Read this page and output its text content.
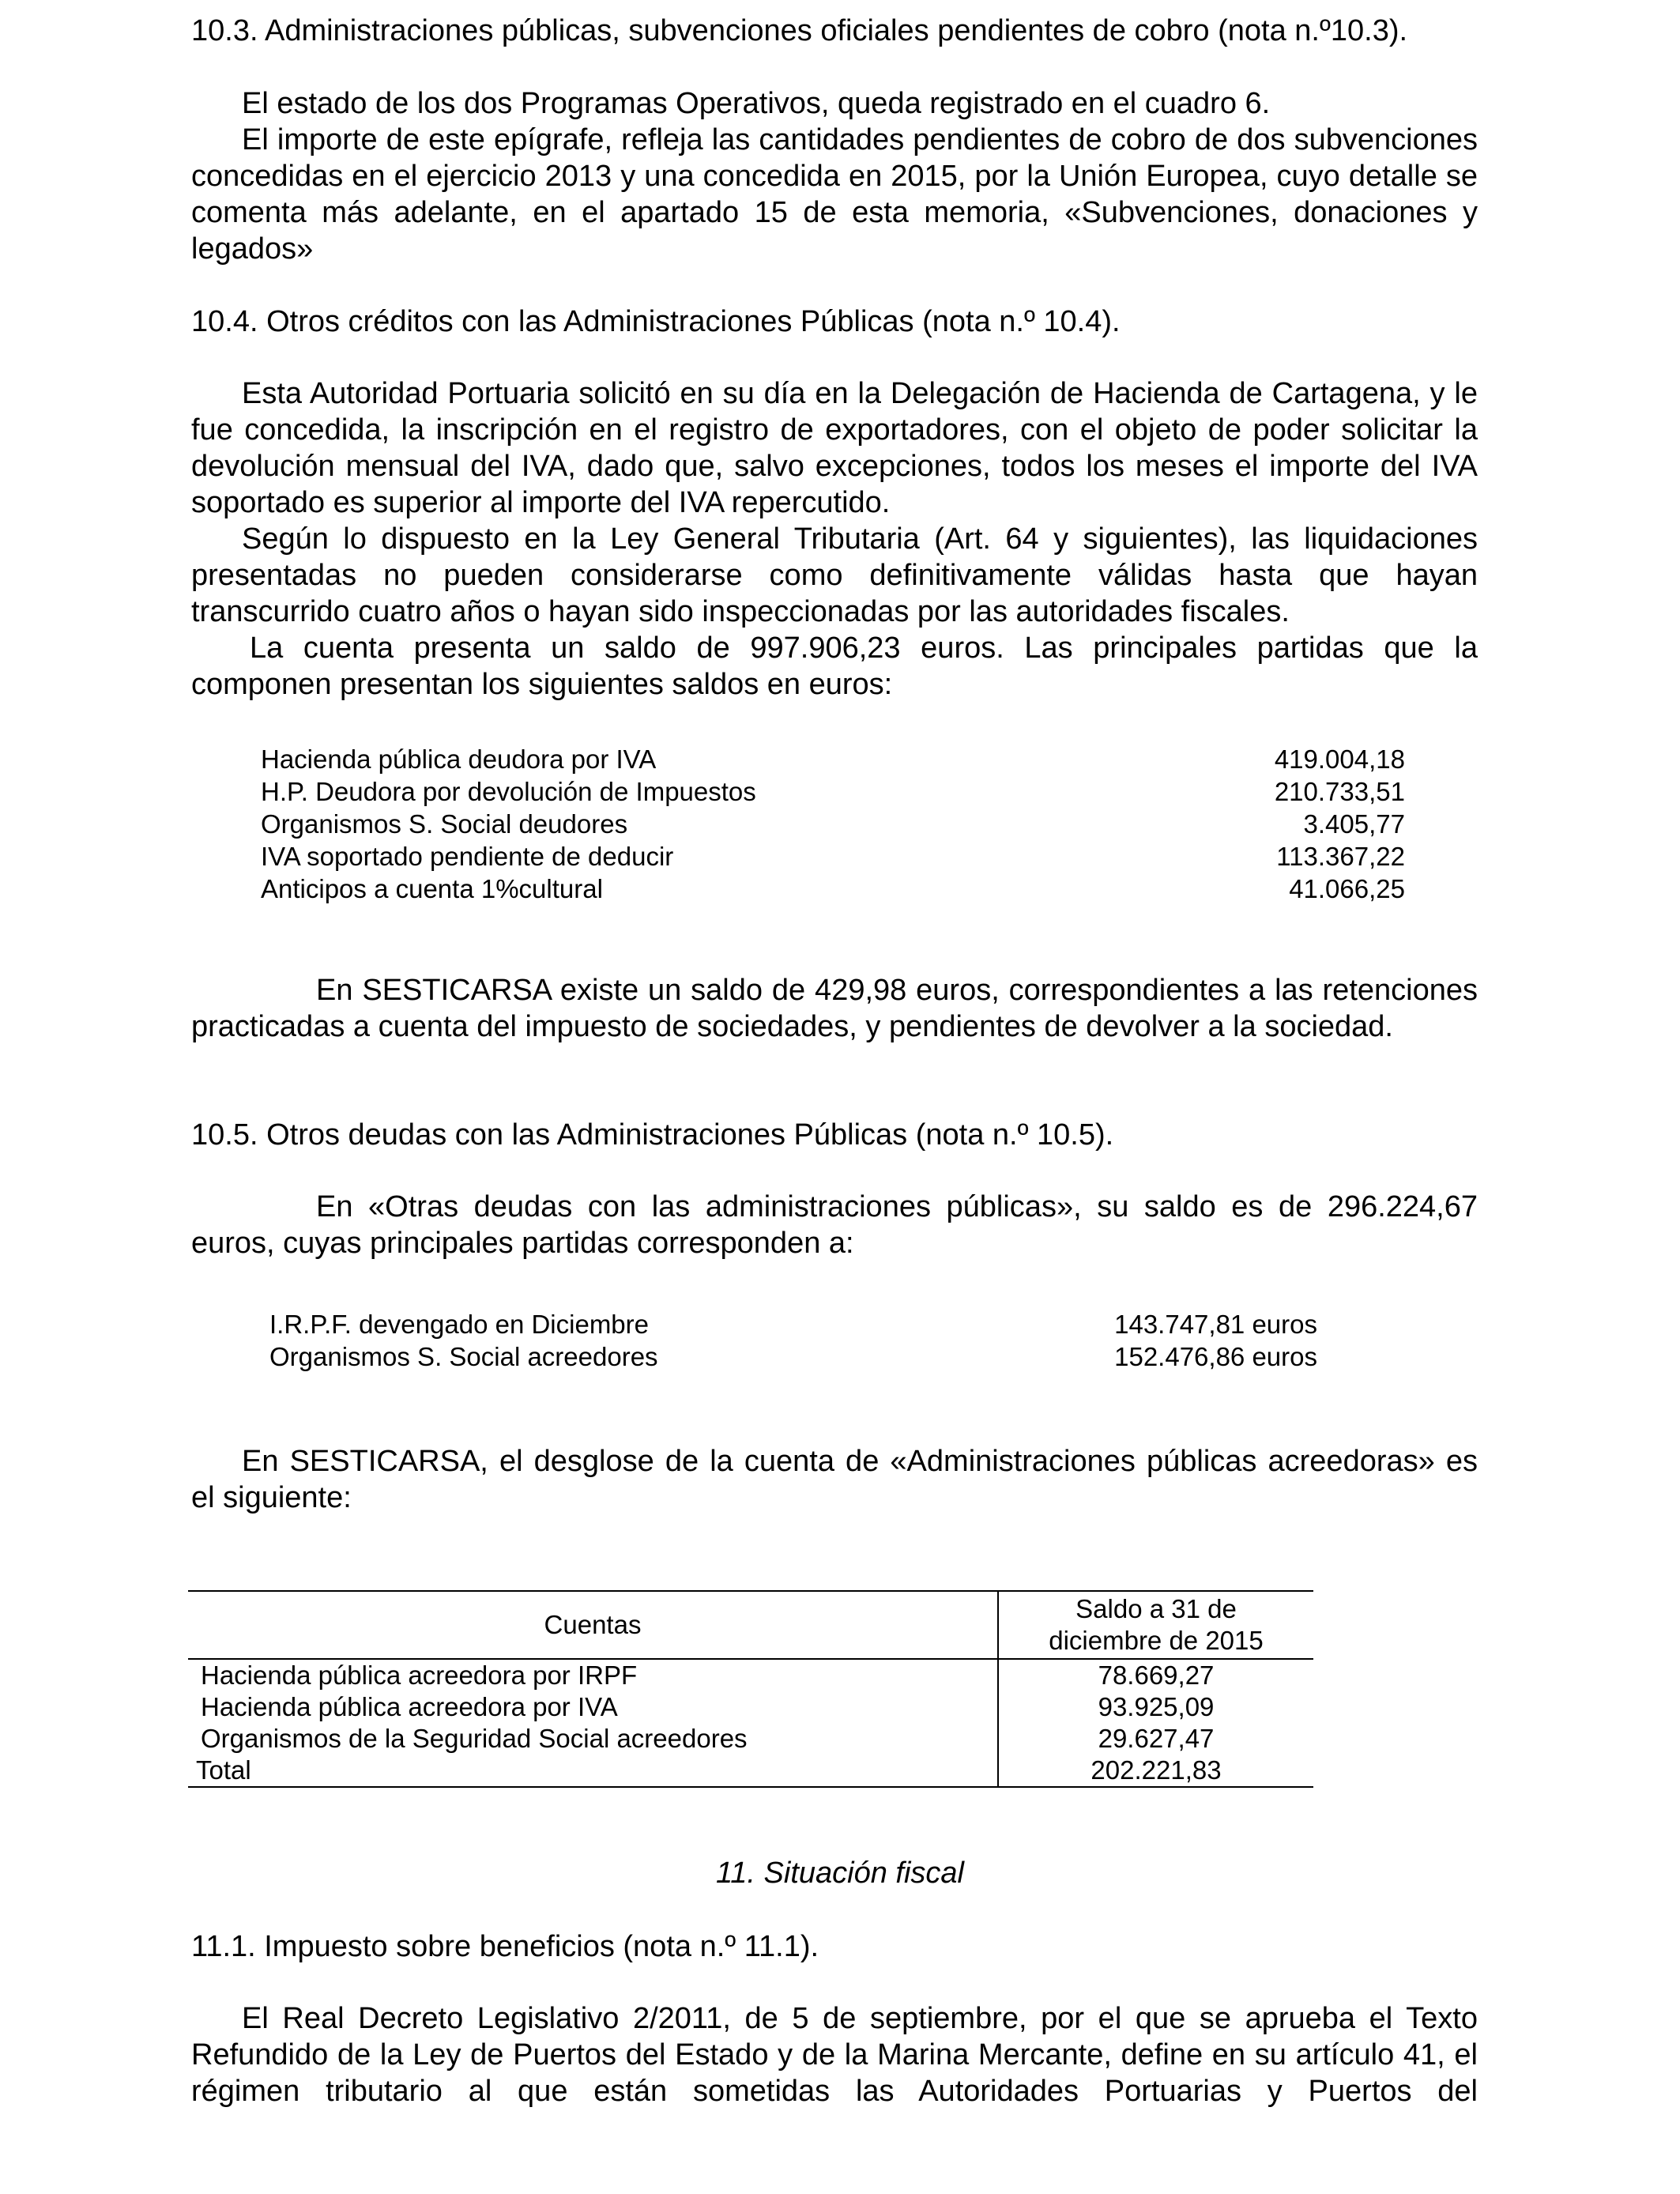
10.3. Administraciones públicas, subvenciones oficiales pendientes de cobro (nota n.º10.3).

El estado de los dos Programas Operativos, queda registrado en el cuadro 6.

El importe de este epígrafe, refleja las cantidades pendientes de cobro de dos subvenciones concedidas en el ejercicio 2013 y una concedida en 2015, por la Unión Europea, cuyo detalle se comenta más adelante, en el apartado 15 de esta memoria, «Subvenciones, donaciones y legados»

10.4. Otros créditos con las Administraciones Públicas (nota n.º 10.4).

Esta Autoridad Portuaria solicitó en su día en la Delegación de Hacienda de Cartagena, y le fue concedida, la inscripción en el registro de exportadores, con el objeto de poder solicitar la devolución mensual del IVA, dado que, salvo excepciones, todos los meses el importe del IVA soportado es superior al importe del IVA repercutido.

Según lo dispuesto en la Ley General Tributaria (Art. 64 y siguientes), las liquidaciones presentadas no pueden considerarse como definitivamente válidas hasta que hayan transcurrido cuatro años o hayan sido inspeccionadas por las autoridades fiscales.

La cuenta presenta un saldo de 997.906,23 euros. Las principales partidas que la
componen presentan los siguientes saldos en euros:
Hacienda pública deudora por IVA	419.004,18
H.P. Deudora por devolución de Impuestos	210.733,51
Organismos S. Social deudores	3.405,77
IVA soportado pendiente de deducir	113.367,22
Anticipos a cuenta 1%cultural	41.066,25

En SESTICARSA existe un saldo de 429,98 euros, correspondientes a las retenciones practicadas a cuenta del impuesto de sociedades, y pendientes de devolver a la sociedad.

10.5. Otros deudas con las Administraciones Públicas (nota n.º 10.5).

En «Otras deudas con las administraciones públicas», su saldo es de 296.224,67 euros, cuyas principales partidas corresponden a:

I.R.P.F. devengado en Diciembre	143.747,81 euros
Organismos S. Social acreedores	152.476,86 euros

En SESTICARSA, el desglose de la cuenta de «Administraciones públicas acreedoras» es el siguiente:

Cuentas	Saldo a 31 de
diciembre de 2015

Hacienda pública acreedora por IRPF	78.669,27
Hacienda pública acreedora por IVA	93.925,09
Organismos de la Seguridad Social acreedores	29.627,47
Total	202.221,83
11. Situación fiscal
11.1. Impuesto sobre beneficios (nota n.º 11.1).

El Real Decreto Legislativo 2/2011, de 5 de septiembre, por el que se aprueba el Texto Refundido de la Ley de Puertos del Estado y de la Marina Mercante, define en su artículo 41, el régimen tributario al que están sometidas las Autoridades Portuarias y Puertos del
